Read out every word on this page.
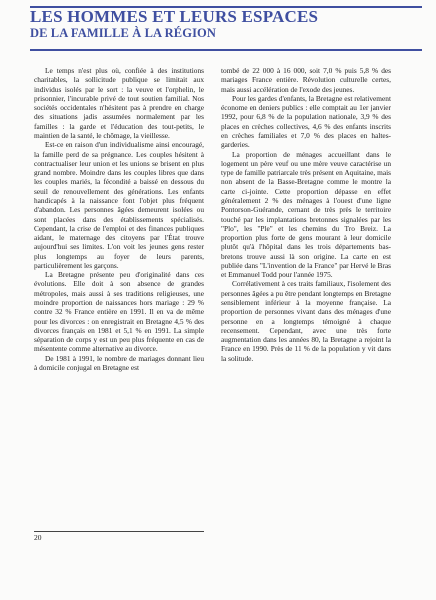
LES HOMMES ET LEURS ESPACES
DE LA FAMILLE À LA RÉGION

Le temps n'est plus où, confiée à des institutions charitables, la sollicitude publique se limitait aux individus isolés par le sort : la veuve et l'orphelin, le prisonnier, l'incurable privé de tout soutien familial. Nos sociétés occidentales n'hésitent pas à prendre en charge des situations jadis assumées normalement par les familles : la garde et l'éducation des tout-petits, le maintien de la santé, le chômage, la vieillesse.

Est-ce en raison d'un individualisme ainsi encouragé, la famille perd de sa prégnance. Les couples hésitent à contractualiser leur union et les unions se brisent en plus grand nombre. Moindre dans les couples libres que dans les couples mariés, la fécondité a baissé en dessous du seuil de renouvellement des générations. Les enfants handicapés à la naissance font l'objet plus fréquent d'abandon. Les personnes âgées demeurent isolées ou sont placées dans des établissements spécialisés. Cependant, la crise de l'emploi et des finances publiques aidant, le maternage des citoyens par l'État trouve aujourd'hui ses limites. L'on voit les jeunes gens rester plus longtemps au foyer de leurs parents, particulièrement les garçons.

La Bretagne présente peu d'originalité dans ces évolutions. Elle doit à son absence de grandes métropoles, mais aussi à ses traditions religieuses, une moindre proportion de naissances hors mariage : 29 % contre 32 % France entière en 1991. Il en va de même pour les divorces : on enregistrait en Bretagne 4,5 % des divorces français en 1981 et 5,1 % en 1991. La simple séparation de corps y est un peu plus fréquente en cas de mésentente comme alternative au divorce.

De 1981 à 1991, le nombre de mariages donnant lieu à domicile conjugal en Bretagne est

tombé de 22 000 à 16 000, soit 7,0 % puis 5,8 % des mariages France entière. Révolution culturelle certes, mais aussi accélération de l'exode des jeunes.

Pour les gardes d'enfants, la Bretagne est relativement économe en deniers publics : elle comptait au 1er janvier 1992, pour 6,8 % de la population nationale, 3,9 % des places en crèches collectives, 4,6 % des enfants inscrits en crèches familiales et 7,0 % des places en haltes-garderies.

La proportion de ménages accueillant dans le logement un père veuf ou une mère veuve caractérise un type de famille patriarcale très présent en Aquitaine, mais non absent de la Basse-Bretagne comme le montre la carte ci-jointe. Cette proportion dépasse en effet généralement 2 % des ménages à l'ouest d'une ligne Pontorson-Guérande, cernant de très près le territoire touché par les implantations bretonnes signalées par les "Plo", les "Ple" et les chemins du Tro Breiz. La proportion plus forte de gens mourant à leur domicile plutôt qu'à l'hôpital dans les trois départements bas-bretons trouve aussi là son origine. La carte en est publiée dans "L'invention de la France" par Hervé le Bras et Emmanuel Todd pour l'année 1975.

Corrélativement à ces traits familiaux, l'isolement des personnes âgées a pu être pendant longtemps en Bretagne sensiblement inférieur à la moyenne française. La proportion de personnes vivant dans des ménages d'une personne en a longtemps témoigné à chaque recensement. Cependant, avec une très forte augmentation dans les années 80, la Bretagne a rejoint la France en 1990. Près de 11 % de la population y vit dans la solitude.

20
